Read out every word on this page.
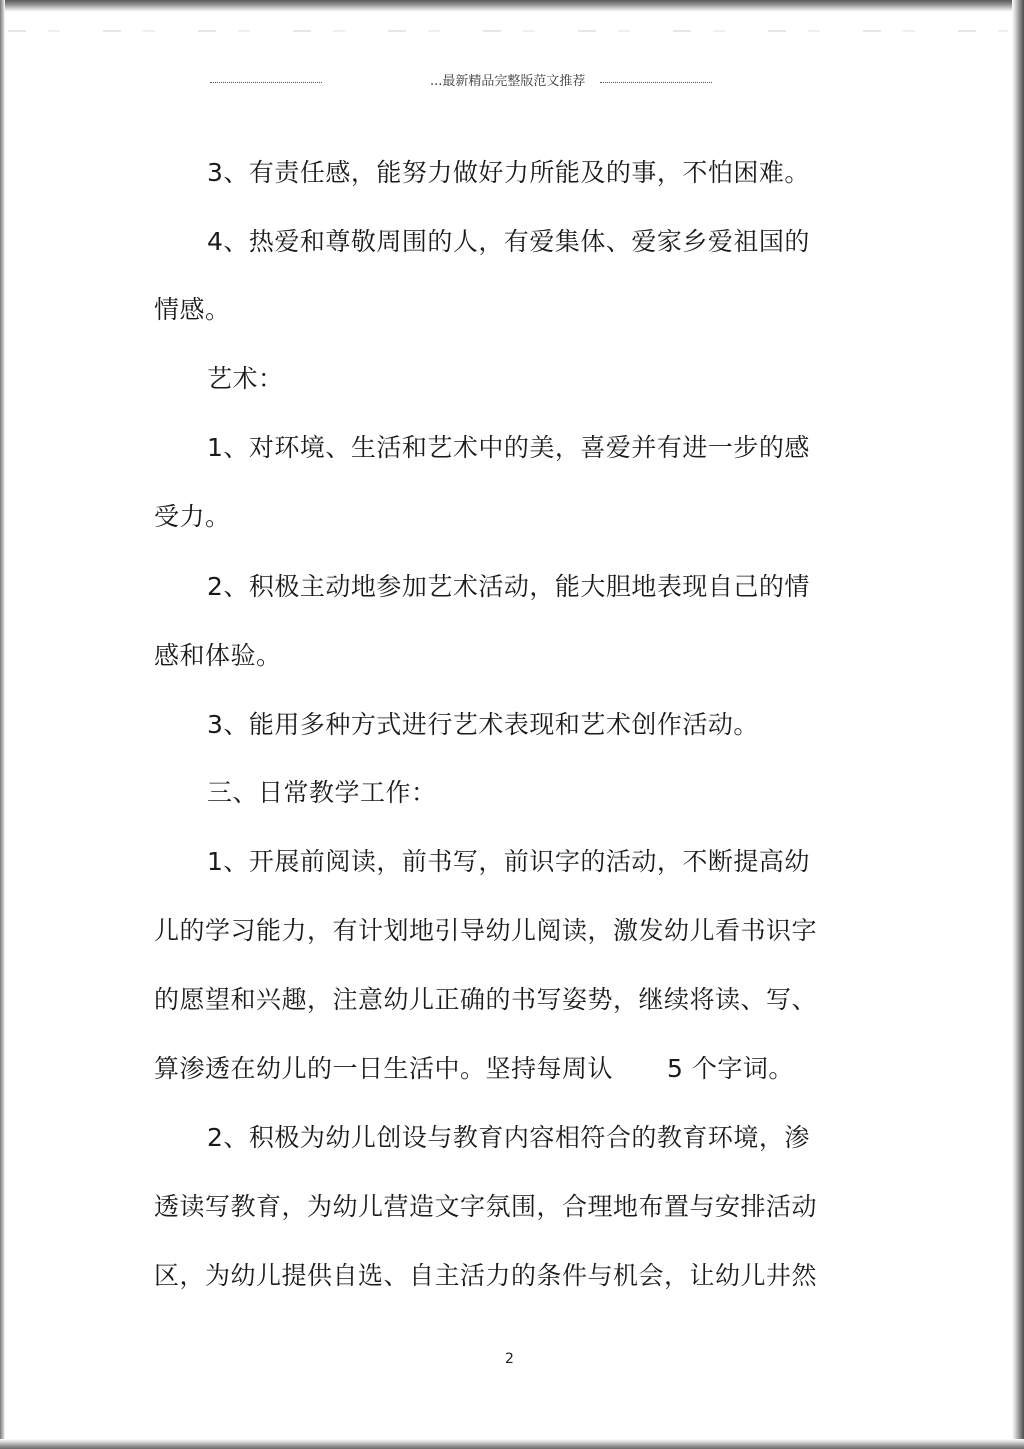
...最新精品完整版范文推荐
3、有责任感，能努力做好力所能及的事，不怕困难。
4、热爱和尊敬周围的人，有爱集体、爱家乡爱祖国的
情感。
艺术：
1、对环境、生活和艺术中的美，喜爱并有进一步的感
受力。
2、积极主动地参加艺术活动，能大胆地表现自己的情
感和体验。
3、能用多种方式进行艺术表现和艺术创作活动。
三、日常教学工作：
1、开展前阅读，前书写，前识字的活动，不断提高幼
儿的学习能力，有计划地引导幼儿阅读，激发幼儿看书识字
的愿望和兴趣，注意幼儿正确的书写姿势，继续将读、写、
算渗透在幼儿的一日生活中。坚持每周认 5 个字词。
2、积极为幼儿创设与教育内容相符合的教育环境，渗
透读写教育，为幼儿营造文字氛围，合理地布置与安排活动
区，为幼儿提供自选、自主活力的条件与机会，让幼儿井然
2
